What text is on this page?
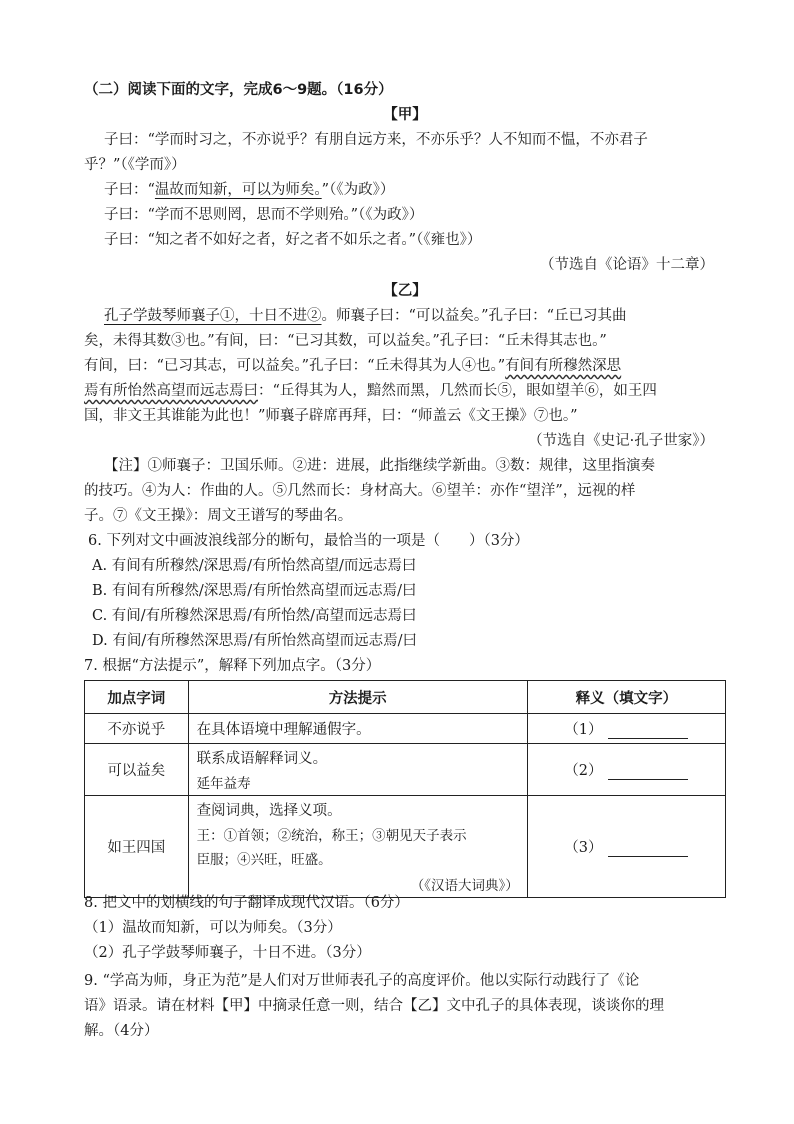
（二）阅读下面的文字，完成6～9题。（16分）
【甲】
子曰：“学而时习之，不亦说乎？有朋自远方来，不亦乐乎？人不知而不愠，不亦君子
乎？”（《学而》）
子曰：“温故而知新，可以为师矣。”（《为政》）
子曰：“学而不思则罔，思而不学则殆。”（《为政》）
子曰：“知之者不如好之者，好之者不如乐之者。”（《雍也》）
（节选自《论语》十二章）
【乙】
孔子学鼓琴师襄子①，十日不进②。师襄子曰：“可以益矣。”孔子曰：“丘已习其曲
矣，未得其数③也。”有间，曰：“已习其数，可以益矣。”孔子曰：“丘未得其志也。”
有间，曰：“已习其志，可以益矣。”孔子曰：“丘未得其为人④也。”有间有所穆然深思
焉有所怡然高望而远志焉曰：“丘得其为人，黯然而黑，几然而长⑤，眼如望羊⑥，如王四
国，非文王其谁能为此也！”师襄子辟席再拜，曰：“师盖云《文王操》⑦也。”
（节选自《史记·孔子世家》）
【注】①师襄子：卫国乐师。②进：进展，此指继续学新曲。③数：规律，这里指演奏
的技巧。④为人：作曲的人。⑤几然而长：身材高大。⑥望羊：亦作“望洋”，远视的样
子。⑦《文王操》：周文王谱写的琴曲名。
6. 下列对文中画波浪线部分的断句，最恰当的一项是（　　）（3分）
A. 有间有所穆然/深思焉/有所怡然高望/而远志焉曰
B. 有间有所穆然/深思焉/有所怡然高望而远志焉/曰
C. 有间/有所穆然深思焉/有所怡然/高望而远志焉曰
D. 有间/有所穆然深思焉/有所怡然高望而远志焉/曰
7. 根据“方法提示”，解释下列加点字。（3分）
加点字词	方法提示	释义（填文字）
不亦说乎	在具体语境中理解通假字。	（1）
可以益矣	联系成语解释词义。
延年益寿	（2）
如王四国	查阅词典，选择义项。
王：①首领；②统治，称王；③朝见天子表示
臣服；④兴旺，旺盛。
（《汉语大词典》）	（3）
8. 把文中的划横线的句子翻译成现代汉语。（6分）
（1）温故而知新，可以为师矣。（3分）
（2）孔子学鼓琴师襄子，十日不进。（3分）
9. “学高为师，身正为范”是人们对万世师表孔子的高度评价。他以实际行动践行了《论
语》语录。请在材料【甲】中摘录任意一则，结合【乙】文中孔子的具体表现，谈谈你的理
解。（4分）
